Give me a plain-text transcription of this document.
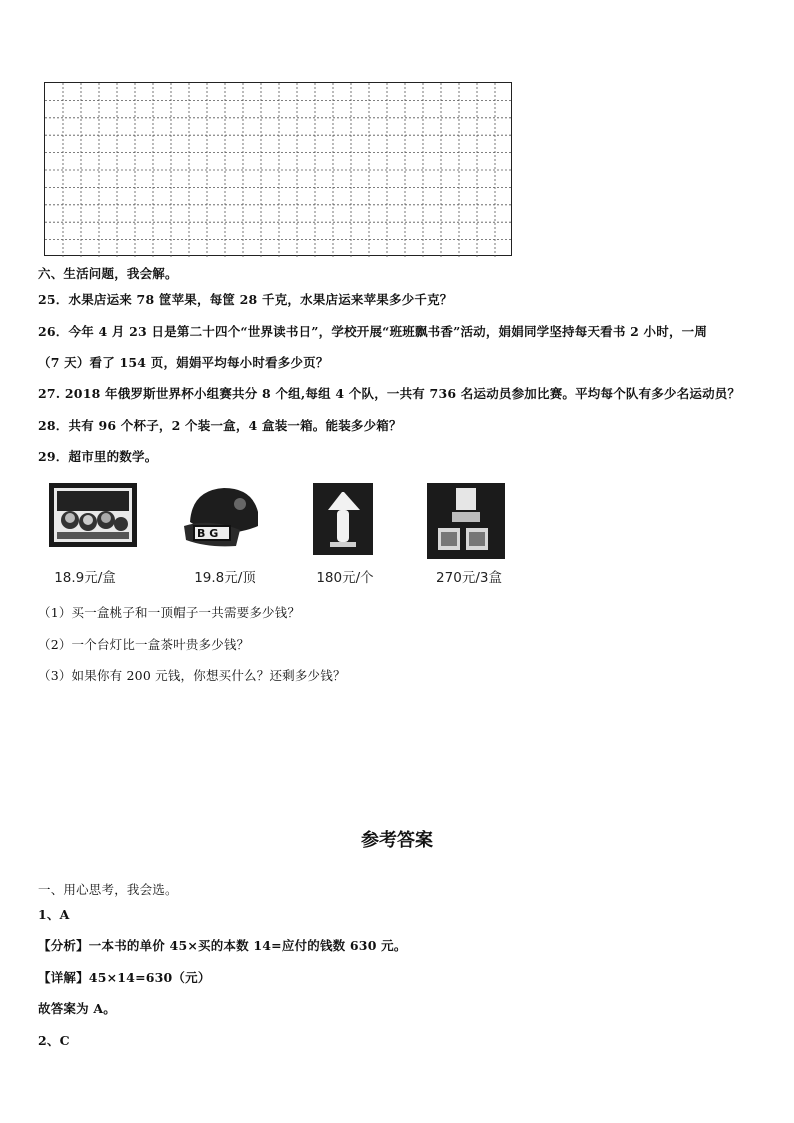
六、生活问题，我会解。
25．水果店运来 78 筐苹果，每筐 28 千克，水果店运来苹果多少千克？
26．今年 4 月 23 日是第二十四个“世界读书日”，学校开展“班班飘书香”活动，娟娟同学坚持每天看书 2 小时，一周
（7 天）看了 154 页，娟娟平均每小时看多少页？
27. 2018 年俄罗斯世界杯小组赛共分 8 个组,每组 4 个队，一共有 736 名运动员参加比赛。平均每个队有多少名运动员？
28．共有 96 个杯子，2 个装一盒，4 盒装一箱。能装多少箱？
29．超市里的数学。
18.9元/盒
B G
19.8元/顶	180元/个	270元/3盒
（1）买一盒桃子和一顶帽子一共需要多少钱？
（2）一个台灯比一盒茶叶贵多少钱？
（3）如果你有 200 元钱，你想买什么？还剩多少钱？
参考答案
一、用心思考，我会选。
1、A
【分析】一本书的单价 45×买的本数 14=应付的钱数 630 元。
【详解】45×14=630（元）
故答案为 A。
2、C
